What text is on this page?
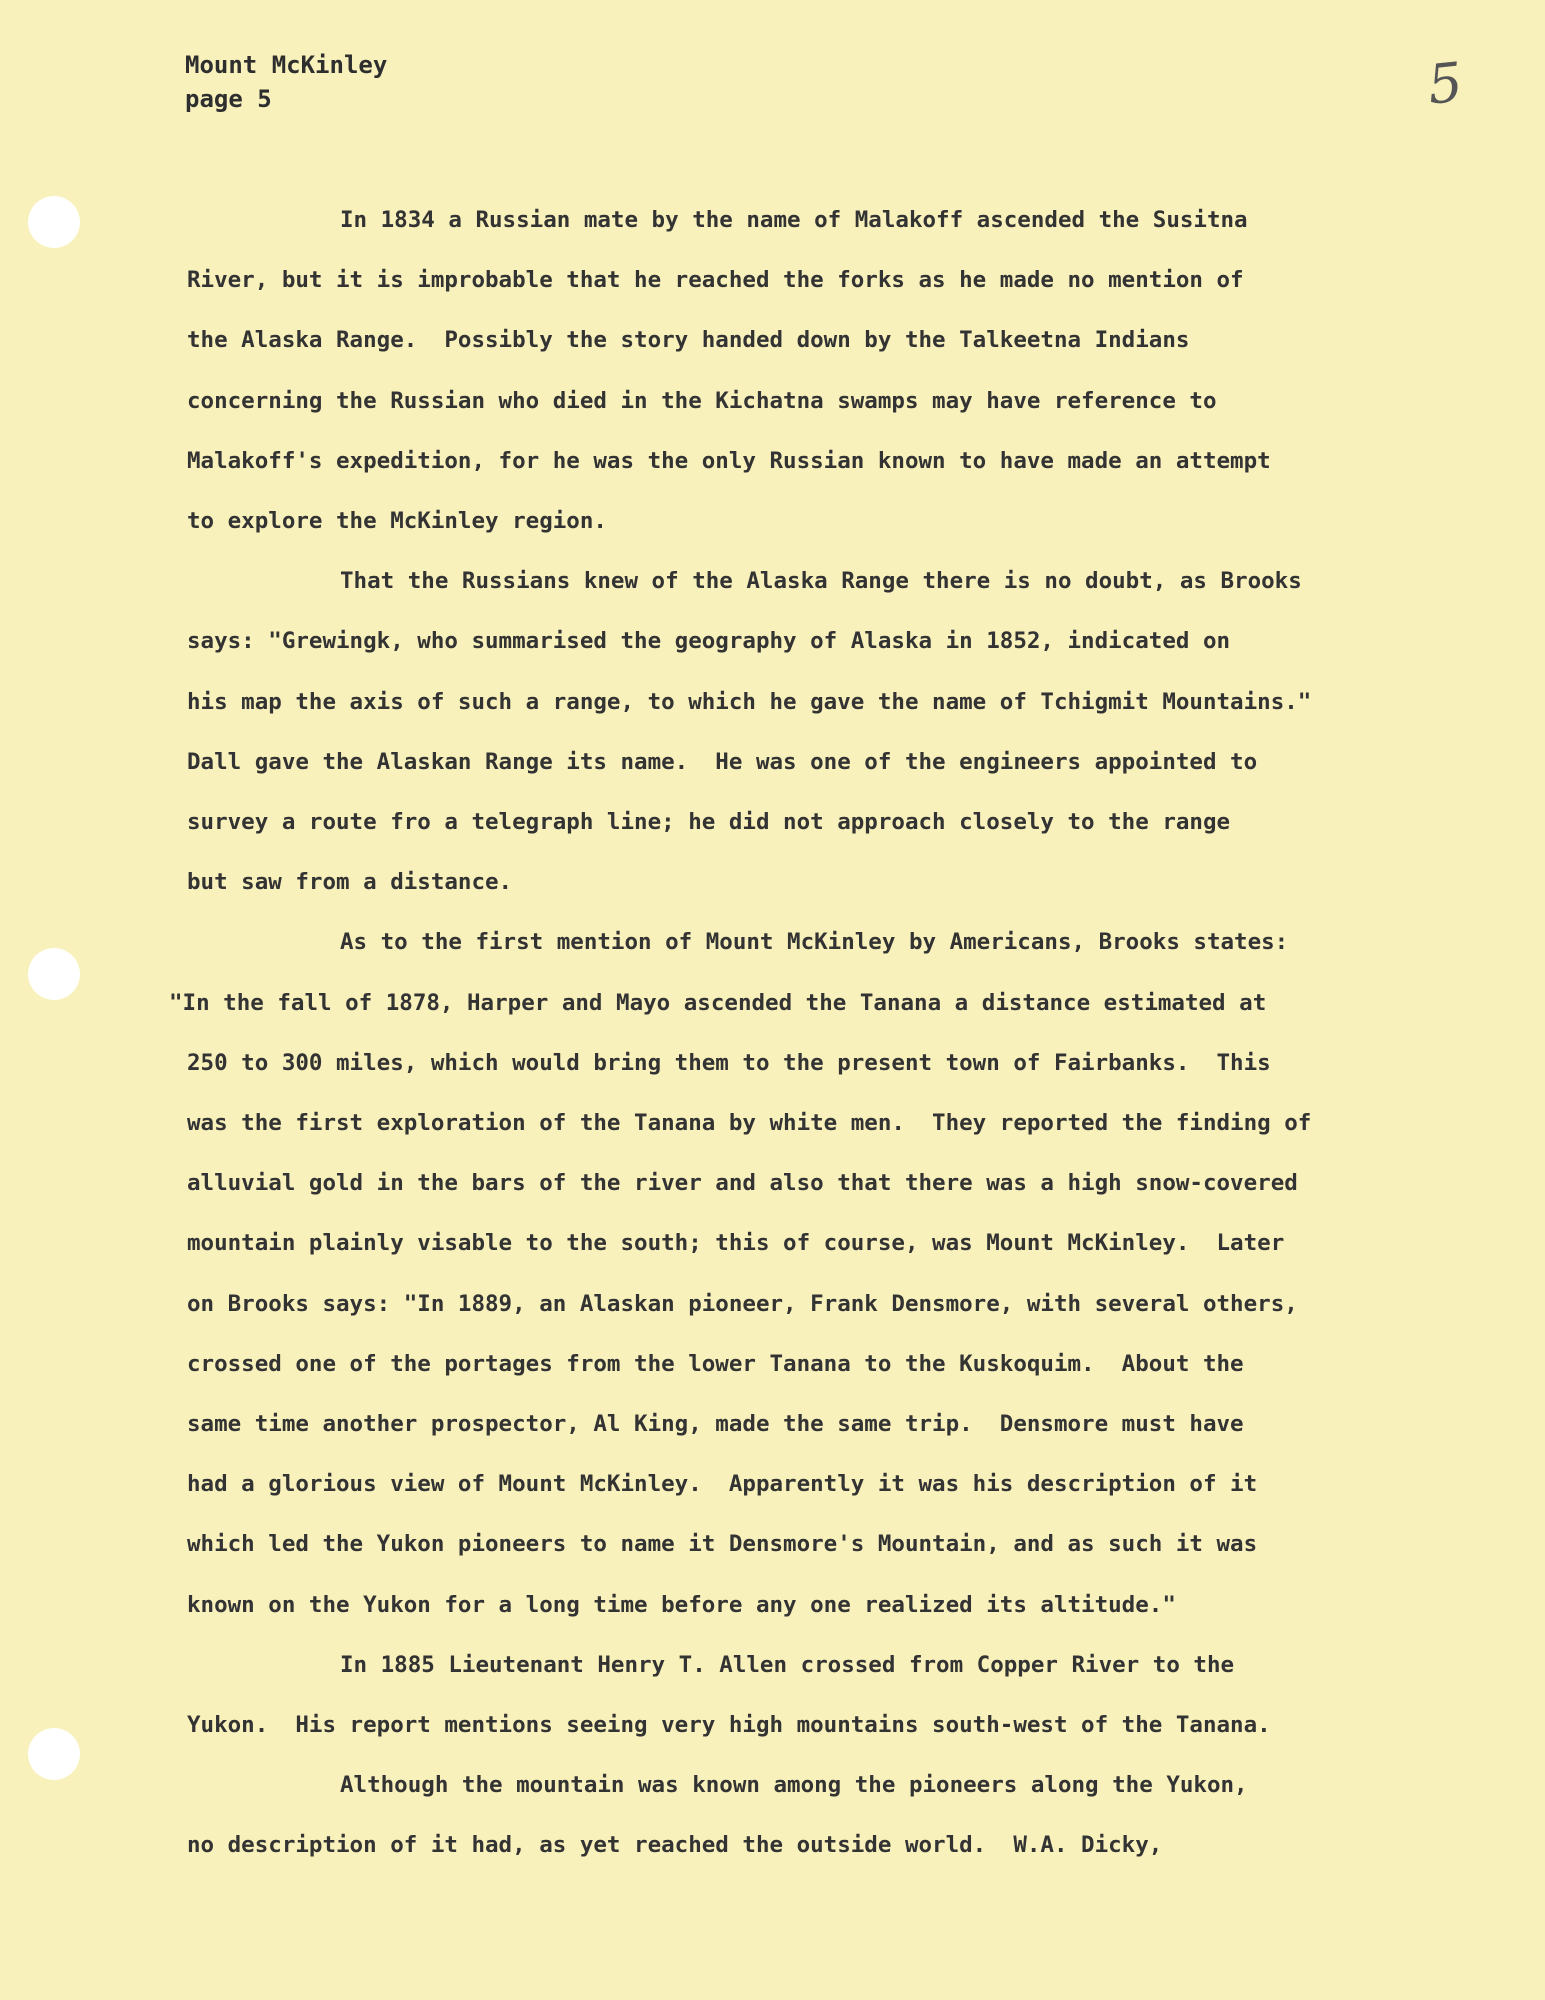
Mount McKinley
page 5	5
In 1834 a Russian mate by the name of Malakoff ascended the Susitna
River, but it is improbable that he reached the forks as he made no mention of
the Alaska Range.  Possibly the story handed down by the Talkeetna Indians
concerning the Russian who died in the Kichatna swamps may have reference to
Malakoff's expedition, for he was the only Russian known to have made an attempt
to explore the McKinley region.
That the Russians knew of the Alaska Range there is no doubt, as Brooks
says: "Grewingk, who summarised the geography of Alaska in 1852, indicated on
his map the axis of such a range, to which he gave the name of Tchigmit Mountains."
Dall gave the Alaskan Range its name.  He was one of the engineers appointed to
survey a route fro a telegraph line; he did not approach closely to the range
but saw from a distance.
As to the first mention of Mount McKinley by Americans, Brooks states:
"In the fall of 1878, Harper and Mayo ascended the Tanana a distance estimated at
250 to 300 miles, which would bring them to the present town of Fairbanks.  This
was the first exploration of the Tanana by white men.  They reported the finding of
alluvial gold in the bars of the river and also that there was a high snow-covered
mountain plainly visable to the south; this of course, was Mount McKinley.  Later
on Brooks says: "In 1889, an Alaskan pioneer, Frank Densmore, with several others,
crossed one of the portages from the lower Tanana to the Kuskoquim.  About the
same time another prospector, Al King, made the same trip.  Densmore must have
had a glorious view of Mount McKinley.  Apparently it was his description of it
which led the Yukon pioneers to name it Densmore's Mountain, and as such it was
known on the Yukon for a long time before any one realized its altitude."
In 1885 Lieutenant Henry T. Allen crossed from Copper River to the
Yukon.  His report mentions seeing very high mountains south-west of the Tanana.
Although the mountain was known among the pioneers along the Yukon,
no description of it had, as yet reached the outside world.  W.A. Dicky,
